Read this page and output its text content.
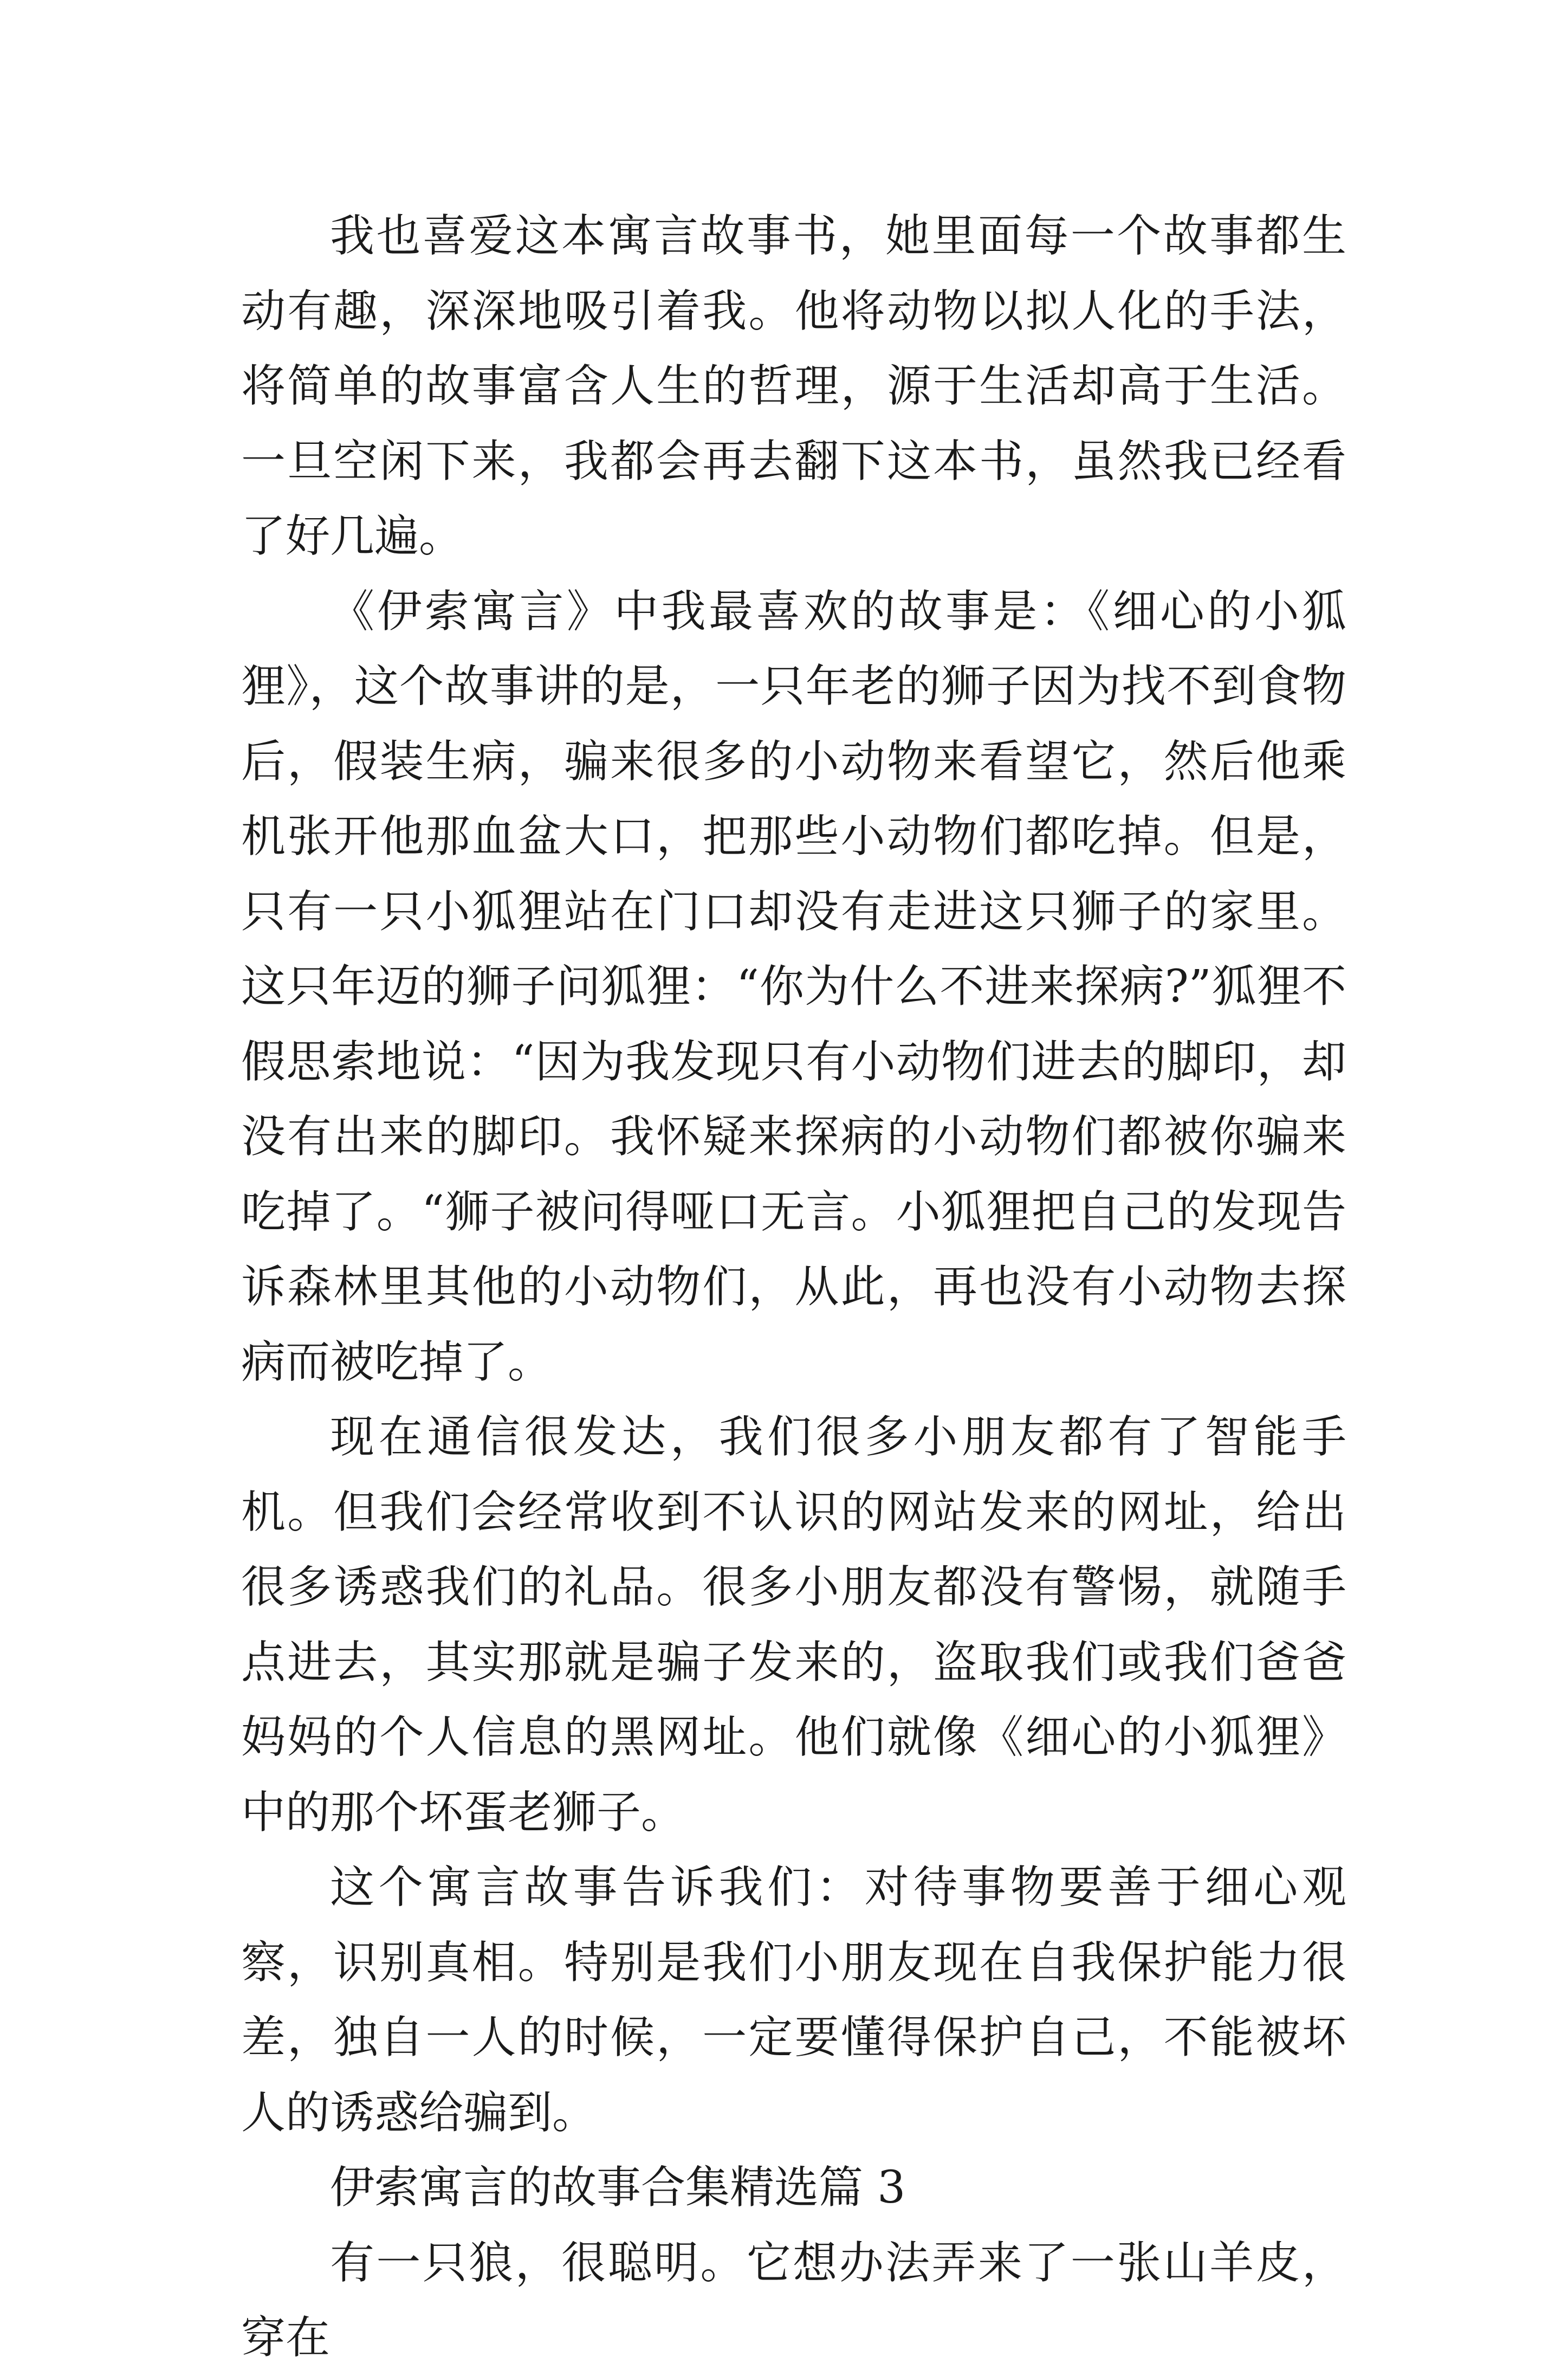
我也喜爱这本寓言故事书，她里面每一个故事都生动有趣，深深地吸引着我。他将动物以拟人化的手法，将简单的故事富含人生的哲理，源于生活却高于生活。一旦空闲下来，我都会再去翻下这本书，虽然我已经看了好几遍。

《伊索寓言》中我最喜欢的故事是：《细心的小狐狸》，这个故事讲的是，一只年老的狮子因为找不到食物后，假装生病，骗来很多的小动物来看望它，然后他乘机张开他那血盆大口，把那些小动物们都吃掉。但是，只有一只小狐狸站在门口却没有走进这只狮子的家里。这只年迈的狮子问狐狸：“你为什么不进来探病?”狐狸不假思索地说：“因为我发现只有小动物们进去的脚印，却没有出来的脚印。我怀疑来探病的小动物们都被你骗来吃掉了。“狮子被问得哑口无言。小狐狸把自己的发现告诉森林里其他的小动物们，从此，再也没有小动物去探病而被吃掉了。

现在通信很发达，我们很多小朋友都有了智能手机。但我们会经常收到不认识的网站发来的网址，给出很多诱惑我们的礼品。很多小朋友都没有警惕，就随手点进去，其实那就是骗子发来的，盗取我们或我们爸爸妈妈的个人信息的黑网址。他们就像《细心的小狐狸》中的那个坏蛋老狮子。

这个寓言故事告诉我们：对待事物要善于细心观察，识别真相。特别是我们小朋友现在自我保护能力很差，独自一人的时候，一定要懂得保护自己，不能被坏人的诱惑给骗到。

伊索寓言的故事合集精选篇 3

有一只狼，很聪明。它想办法弄来了一张山羊皮，穿在
